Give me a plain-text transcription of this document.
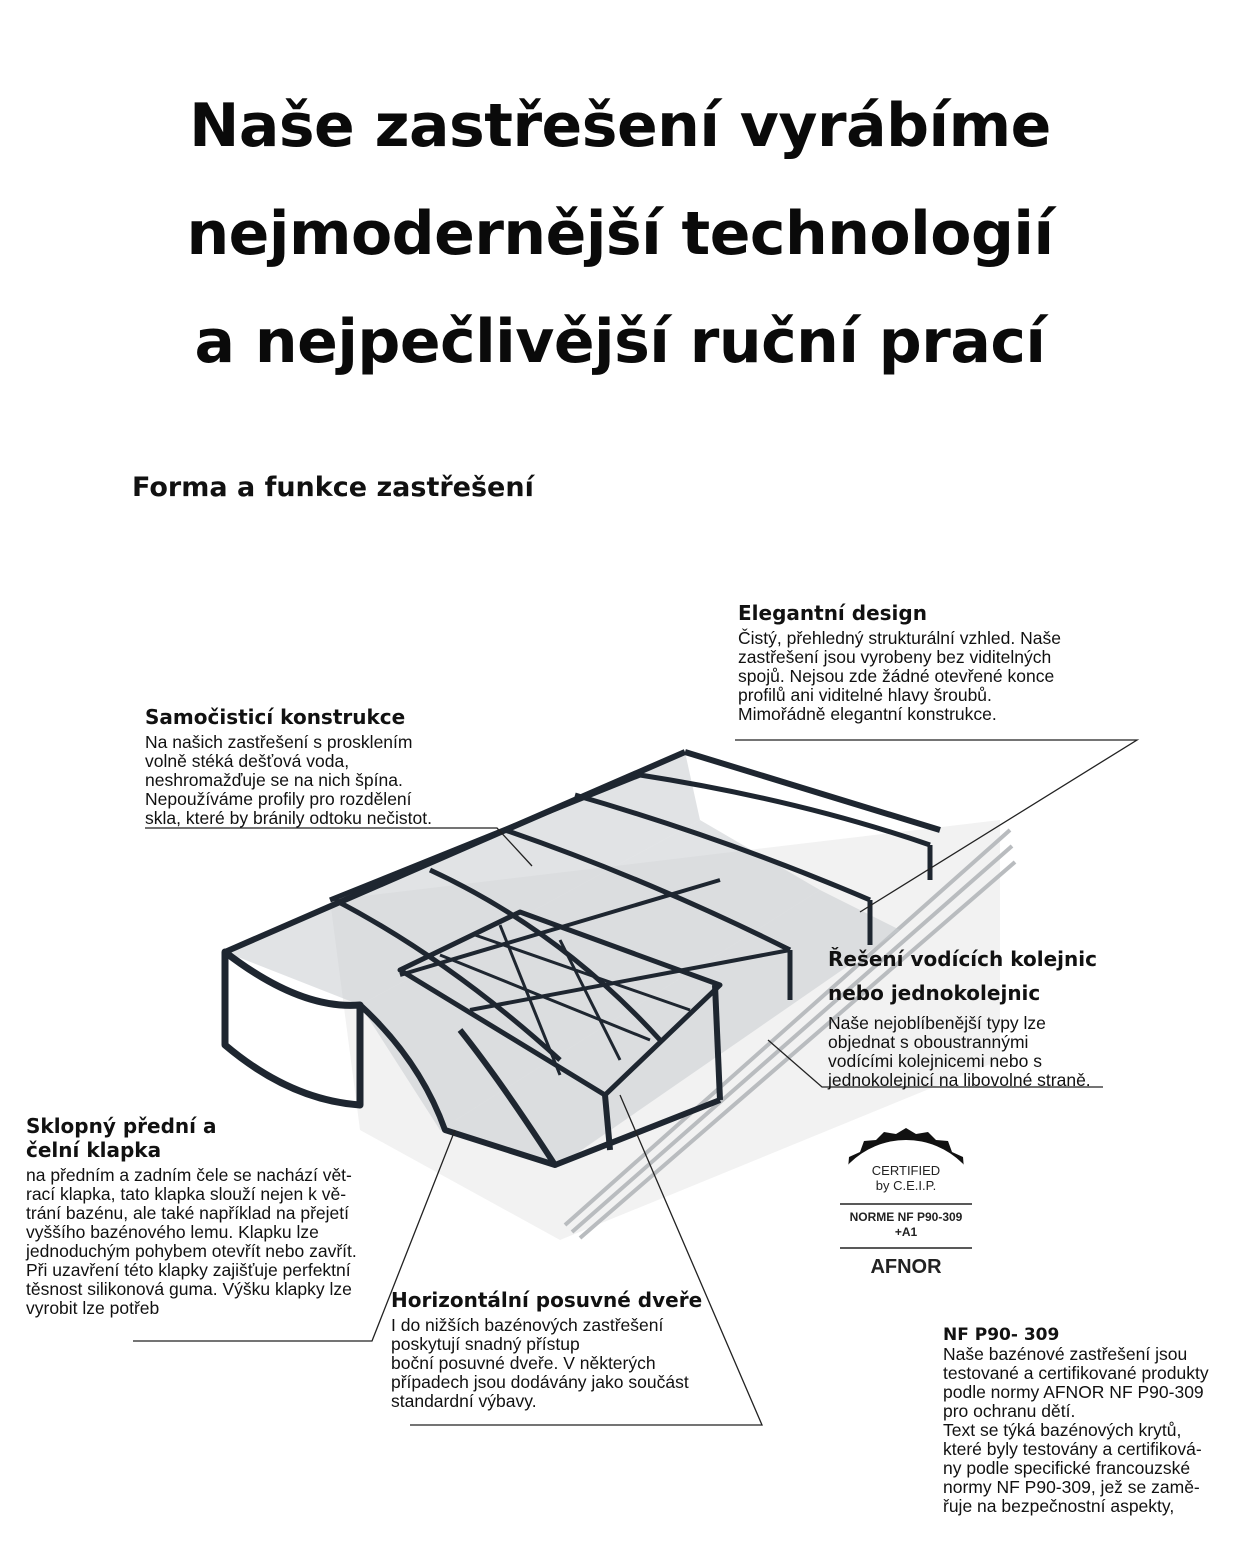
Naše zastřešení vyrábíme
nejmodernější technologií
a nejpečlivější ruční prací
Forma a funkce zastřešení
Elegantní design

Čistý, přehledný strukturální vzhled. Naše
zastřešení jsou vyrobeny bez viditelných
spojů. Nejsou zde žádné otevřené konce
profilů ani viditelné hlavy šroubů.
Mimořádně elegantní konstrukce.

Samočisticí konstrukce

Na našich zastřešení s prosklením
volně stéká dešťová voda,
neshromažďuje se na nich špína.
Nepoužíváme profily pro rozdělení
skla, které by bránily odtoku nečistot.

Řešení vodících kolejnic
nebo jednokolejnic

Naše nejoblíbenější typy lze
objednat s oboustrannými
vodícími kolejnicemi nebo s
jednokolejnicí na libovolné straně.

Sklopný přední a
čelní klapka

na předním a zadním čele se nachází vět-
rací klapka, tato klapka slouží nejen k vě-
trání bazénu, ale také například na přejetí
vyššího bazénového lemu. Klapku lze
jednoduchým pohybem otevřít nebo zavřít.
Při uzavření této klapky zajišťuje perfektní
těsnost silikonová guma. Výšku klapky lze
vyrobit lze potřeb	Horizontální posuvné dveře

I do nižších bazénových zastřešení
poskytují snadný přístup
boční posuvné dveře. V některých
případech jsou dodávány jako součást
standardní výbavy.

CERTIFIED
by C.E.I.P.
NORME NF P90-309
+A1
AFNOR
NF P90- 309

Naše bazénové zastřešení jsou
testované a certifikované produkty
podle normy AFNOR NF P90-309
pro ochranu dětí.
Text se týká bazénových krytů,
které byly testovány a certifiková-
ny podle specifické francouzské
normy NF P90-309, jež se zamě-
řuje na bezpečnostní aspekty,
